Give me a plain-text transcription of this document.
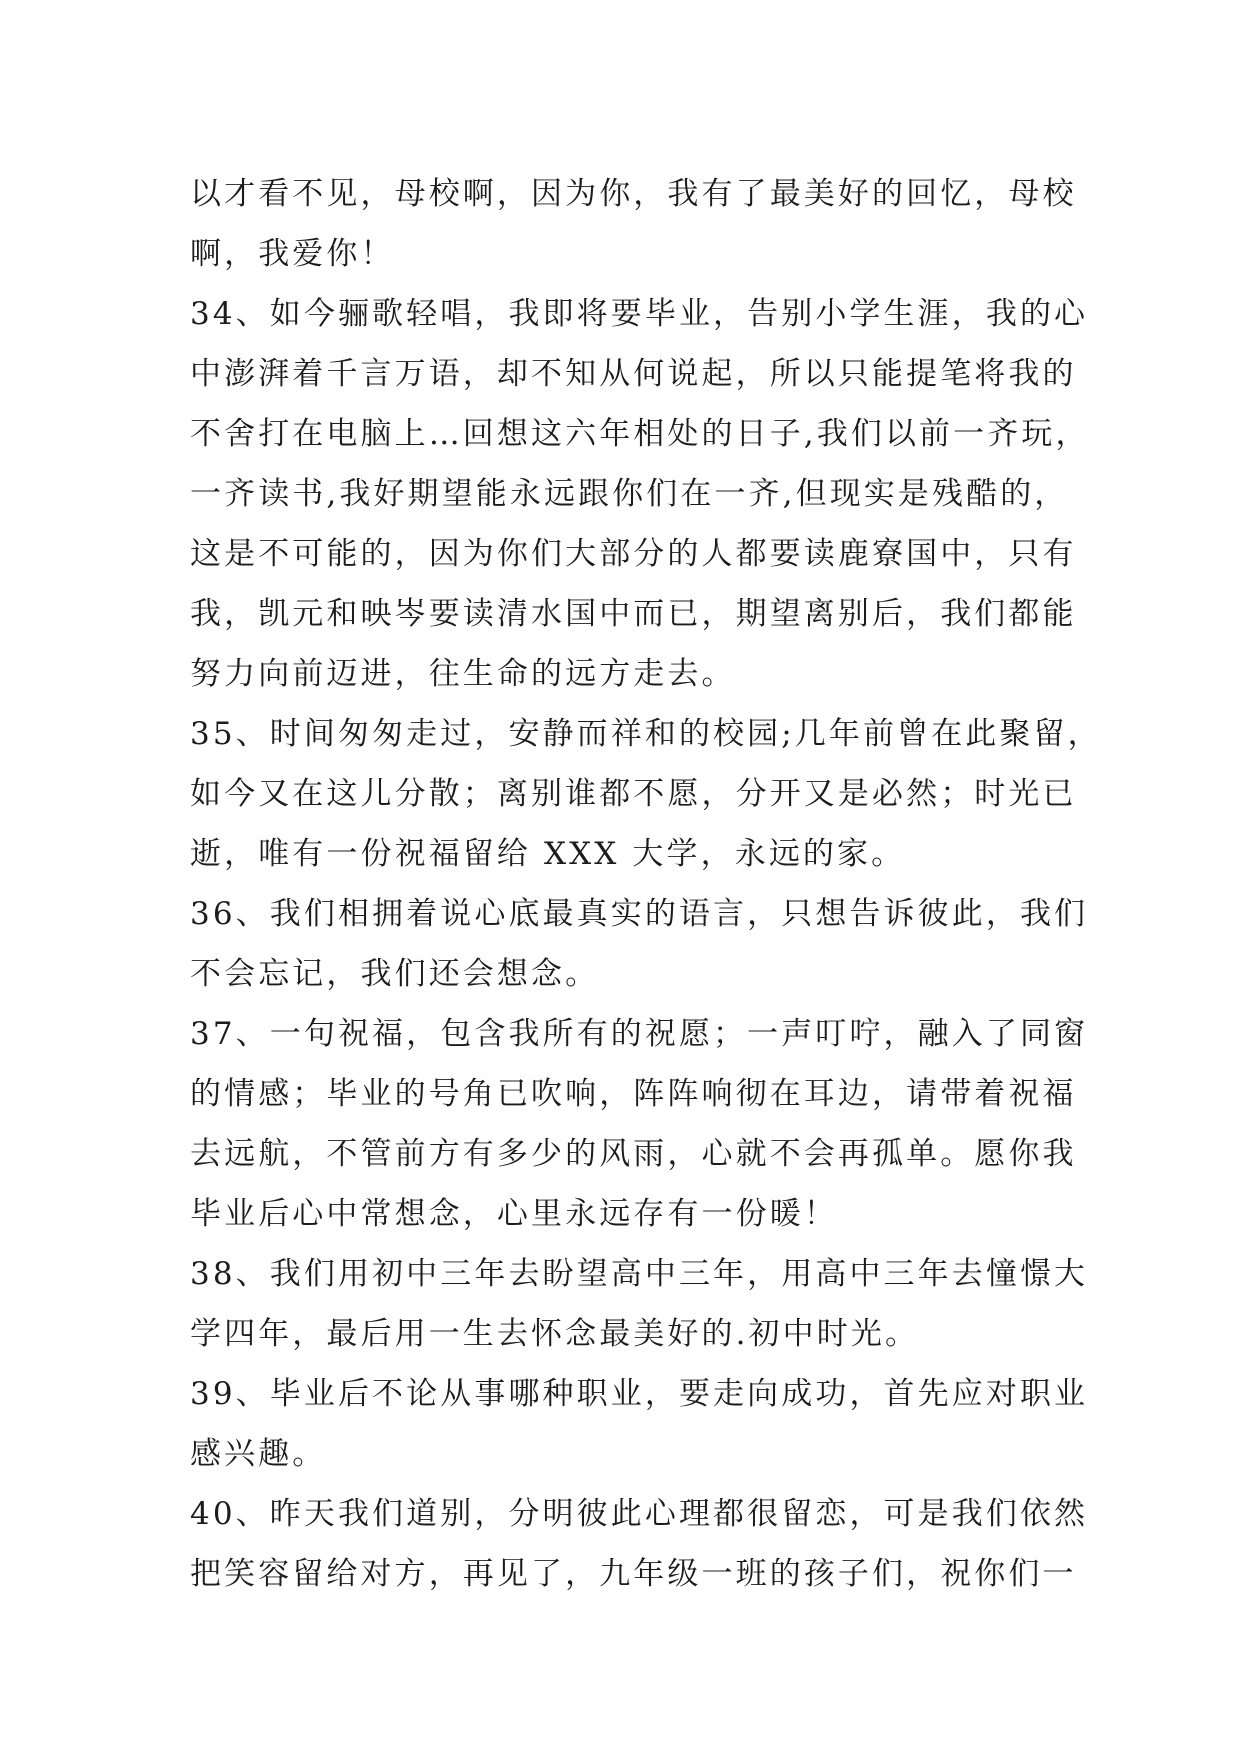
以才看不见，母校啊，因为你，我有了最美好的回忆，母校
啊，我爱你！
34、如今骊歌轻唱，我即将要毕业，告别小学生涯，我的心
中澎湃着千言万语，却不知从何说起，所以只能提笔将我的
不舍打在电脑上…回想这六年相处的日子,我们以前一齐玩，
一齐读书,我好期望能永远跟你们在一齐,但现实是残酷的，
这是不可能的，因为你们大部分的人都要读鹿寮国中，只有
我，凯元和映岑要读清水国中而已，期望离别后，我们都能
努力向前迈进，往生命的远方走去。
35、时间匆匆走过，安静而祥和的校园;几年前曾在此聚留，
如今又在这儿分散；离别谁都不愿，分开又是必然；时光已
逝，唯有一份祝福留给 XXX 大学，永远的家。
36、我们相拥着说心底最真实的语言，只想告诉彼此，我们
不会忘记，我们还会想念。
37、一句祝福，包含我所有的祝愿；一声叮咛，融入了同窗
的情感；毕业的号角已吹响，阵阵响彻在耳边，请带着祝福
去远航，不管前方有多少的风雨，心就不会再孤单。愿你我
毕业后心中常想念，心里永远存有一份暖！
38、我们用初中三年去盼望高中三年，用高中三年去憧憬大
学四年，最后用一生去怀念最美好的.初中时光。
39、毕业后不论从事哪种职业，要走向成功，首先应对职业
感兴趣。
40、昨天我们道别，分明彼此心理都很留恋，可是我们依然
把笑容留给对方，再见了，九年级一班的孩子们，祝你们一
